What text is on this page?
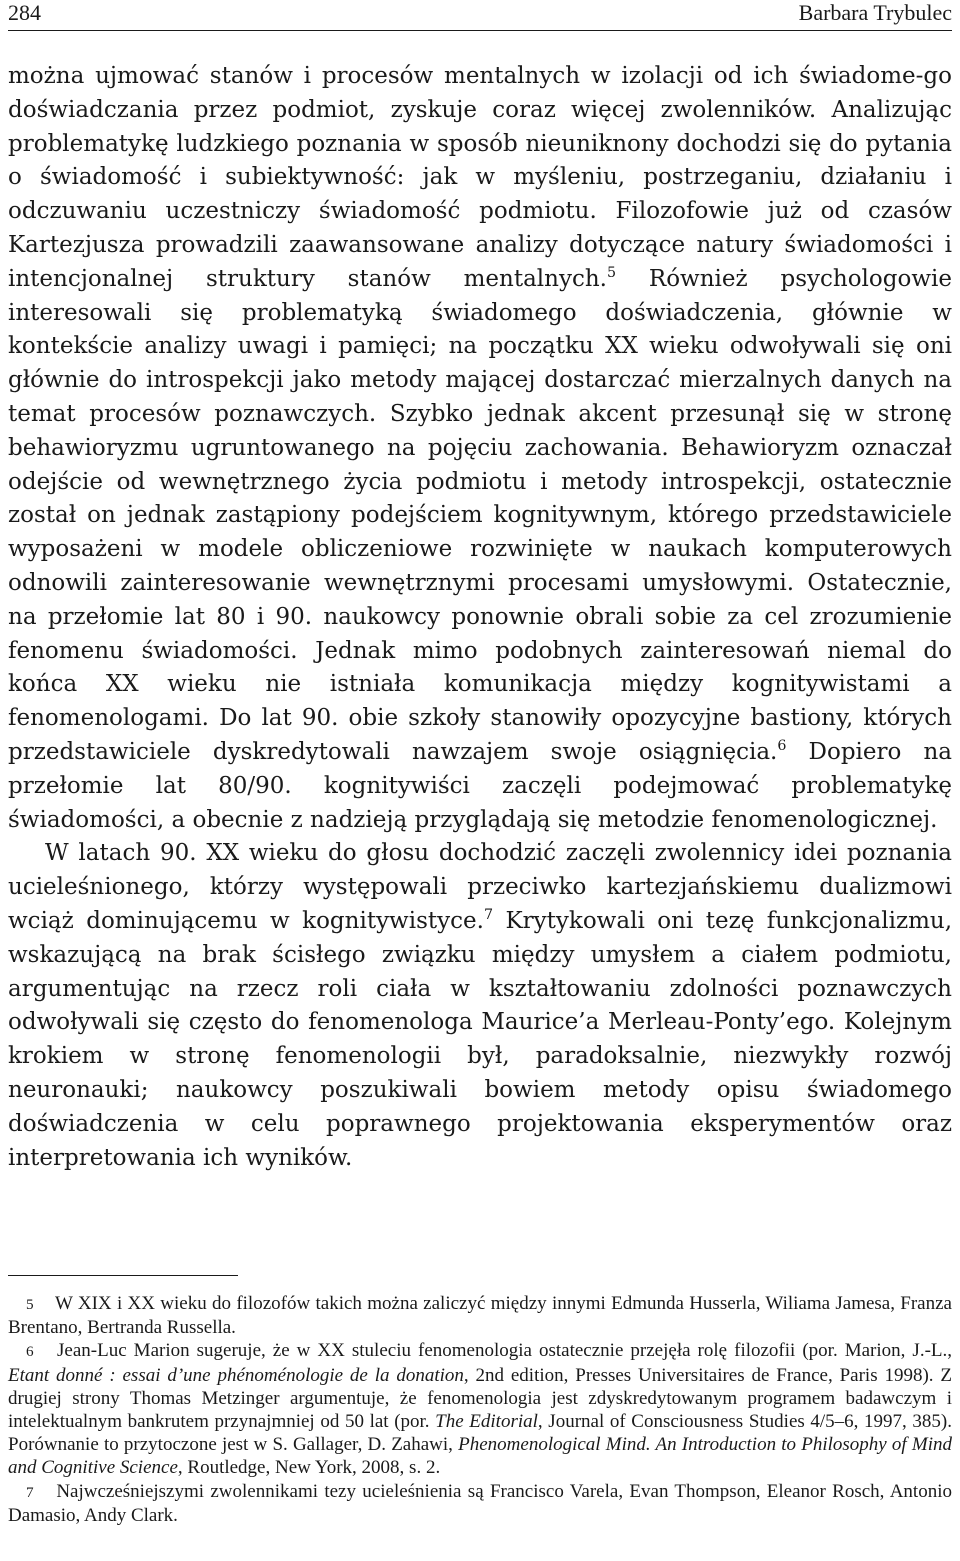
284	Barbara Trybulec

można ujmować stanów i procesów mentalnych w izolacji od ich świadome-go doświadczania przez podmiot, zyskuje coraz więcej zwolenników. Analizując problematykę ludzkiego poznania w sposób nieuniknony dochodzi się do pytania o świadomość i subiektywność: jak w myśleniu, postrzeganiu, działaniu i odczuwaniu uczestniczy świadomość podmiotu. Filozofowie już od czasów Kartezjusza prowadzili zaawansowane analizy dotyczące natury świadomości i intencjonalnej struktury stanów mentalnych.$^5$ Również psychologowie interesowali się problematyką świadomego doświadczenia, głównie w kontekście analizy uwagi i pamięci; na początku XX wieku odwoływali się oni głównie do introspekcji jako metody mającej dostarczać mierzalnych danych na temat procesów poznawczych. Szybko jednak akcent przesunął się w stronę behawioryzmu ugruntowanego na pojęciu zachowania. Behawioryzm oznaczał odejście od wewnętrznego życia podmiotu i metody introspekcji, ostatecznie został on jednak zastąpiony podejściem kognitywnym, którego przedstawiciele wyposażeni w modele obliczeniowe rozwinięte w naukach komputerowych odnowili zainteresowanie wewnętrznymi procesami umysłowymi. Ostatecznie, na przełomie lat 80 i 90. naukowcy ponownie obrali sobie za cel zrozumienie fenomenu świadomości. Jednak mimo podobnych zainteresowań niemal do końca XX wieku nie istniała komunikacja między kognitywistami a fenomenologami. Do lat 90. obie szkoły stanowiły opozycyjne bastiony, których przedstawiciele dyskredytowali nawzajem swoje osiągnięcia.$^6$ Dopiero na przełomie lat 80/90. kognitywiści zaczęli podejmować problematykę świadomości, a obecnie z nadzieją przyglądają się metodzie fenomenologicznej.

W latach 90. XX wieku do głosu dochodzić zaczęli zwolennicy idei poznania ucieleśnionego, którzy występowali przeciwko kartezjańskiemu dualizmowi wciąż dominującemu w kognitywistyce.$^7$ Krytykowali oni tezę funkcjonalizmu, wskazującą na brak ścisłego związku między umysłem a ciałem podmiotu, argumentując na rzecz roli ciała w kształtowaniu zdolności poznawczych odwoływali się często do fenomenologa Maurice’a Merleau-Ponty’ego. Kolejnym krokiem w stronę fenomenologii był, paradoksalnie, niezwykły rozwój neuronauki; naukowcy poszukiwali bowiem metody opisu świadomego doświadczenia w celu poprawnego projektowania eksperymentów oraz interpretowania ich wyników.

5 W XIX i XX wieku do filozofów takich można zaliczyć między innymi Edmunda Husserla, Wiliama Jamesa, Franza Brentano, Bertranda Russella.

6 Jean-Luc Marion sugeruje, że w XX stuleciu fenomenologia ostatecznie przejęła rolę filozofii (por. Marion, J.-L., Etant donné : essai d’une phénoménologie de la donation, 2nd edition, Presses Universitaires de France, Paris 1998). Z drugiej strony Thomas Metzinger argumentuje, że fenomenologia jest zdyskredytowanym programem badawczym i intelektualnym bankrutem przynajmniej od 50 lat (por. The Editorial, Journal of Consciousness Studies 4/5–6, 1997, 385). Porównanie to przytoczone jest w S. Gallager, D. Zahawi, Phenomenological Mind. An Introduction to Philosophy of Mind and Cognitive Science, Routledge, New York, 2008, s. 2.

7 Najwcześniejszymi zwolennikami tezy ucieleśnienia są Francisco Varela, Evan Thompson, Eleanor Rosch, Antonio Damasio, Andy Clark.
